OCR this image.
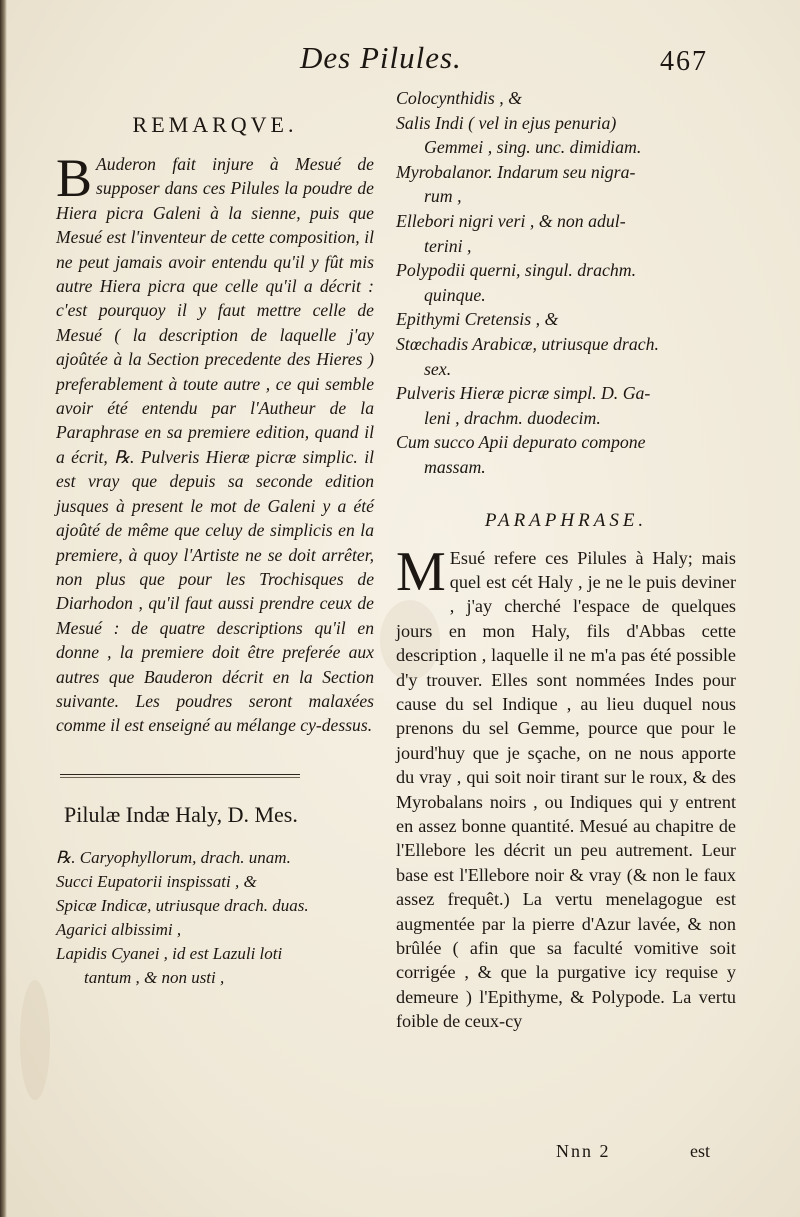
Des Pilules.	467
REMARQVE.

B Auderon fait injure à Mesué de supposer dans ces Pilules la poudre de Hiera picra Galeni à la sienne, puis que Mesué est l'inventeur de cette composition, il ne peut jamais avoir entendu qu'il y fût mis autre Hiera picra que celle qu'il a décrit : c'est pourquoy il y faut mettre celle de Mesué ( la description de laquelle j'ay ajoûtée à la Section precedente des Hieres ) preferablement à toute autre , ce qui semble avoir été entendu par l'Autheur de la Paraphrase en sa premiere edition, quand il a écrit, ℞. Pulveris Hieræ picræ simplic. il est vray que depuis sa seconde edition jusques à present le mot de Galeni y a été ajoûté de même que celuy de simplicis en la premiere, à quoy l'Artiste ne se doit arrêter, non plus que pour les Trochisques de Diarhodon , qu'il faut aussi prendre ceux de Mesué : de quatre descriptions qu'il en donne , la premiere doit être preferée aux autres que Bauderon décrit en la Section suivante. Les poudres seront malaxées comme il est enseigné au mélange cy-dessus.

Pilulæ Indæ Haly, D. Mes.
℞. Caryophyllorum, drach. unam.
Succi Eupatorii inspissati , &
Spicæ Indicæ, utriusque drach. duas.
Agarici albissimi ,
Lapidis Cyanei , id est Lazuli loti
tantum , & non usti ,
Colocynthidis , &
Salis Indi ( vel in ejus penuria)
Gemmei , sing. unc. dimidiam.
Myrobalanor. Indarum seu nigra-
rum ,
Ellebori nigri veri , & non adul-
terini ,
Polypodii querni, singul. drachm.
quinque.
Epithymi Cretensis , &
Stœchadis Arabicæ, utriusque drach.
sex.
Pulveris Hieræ picræ simpl. D. Ga-
leni , drachm. duodecim.
Cum succo Apii depurato compone
massam.
PARAPHRASE.

M Esué refere ces Pilules à Haly; mais quel est cét Haly , je ne le puis deviner , j'ay cherché l'espace de quelques jours en mon Haly, fils d'Abbas cette description , laquelle il ne m'a pas été possible d'y trouver. Elles sont nommées Indes pour cause du sel Indique , au lieu duquel nous prenons du sel Gemme, pource que pour le jourd'huy que je sçache, on ne nous apporte du vray , qui soit noir tirant sur le roux, & des Myrobalans noirs , ou Indiques qui y entrent en assez bonne quantité. Mesué au chapitre de l'Ellebore les décrit un peu autrement. Leur base est l'Ellebore noir & vray (& non le faux assez frequêt.) La vertu menelagogue est augmentée par la pierre d'Azur lavée, & non brûlée ( afin que sa faculté vomitive soit corrigée , & que la purgative icy requise y demeure ) l'Epithyme, & Polypode. La vertu foible de ceux-cy

Nnn 2	est
